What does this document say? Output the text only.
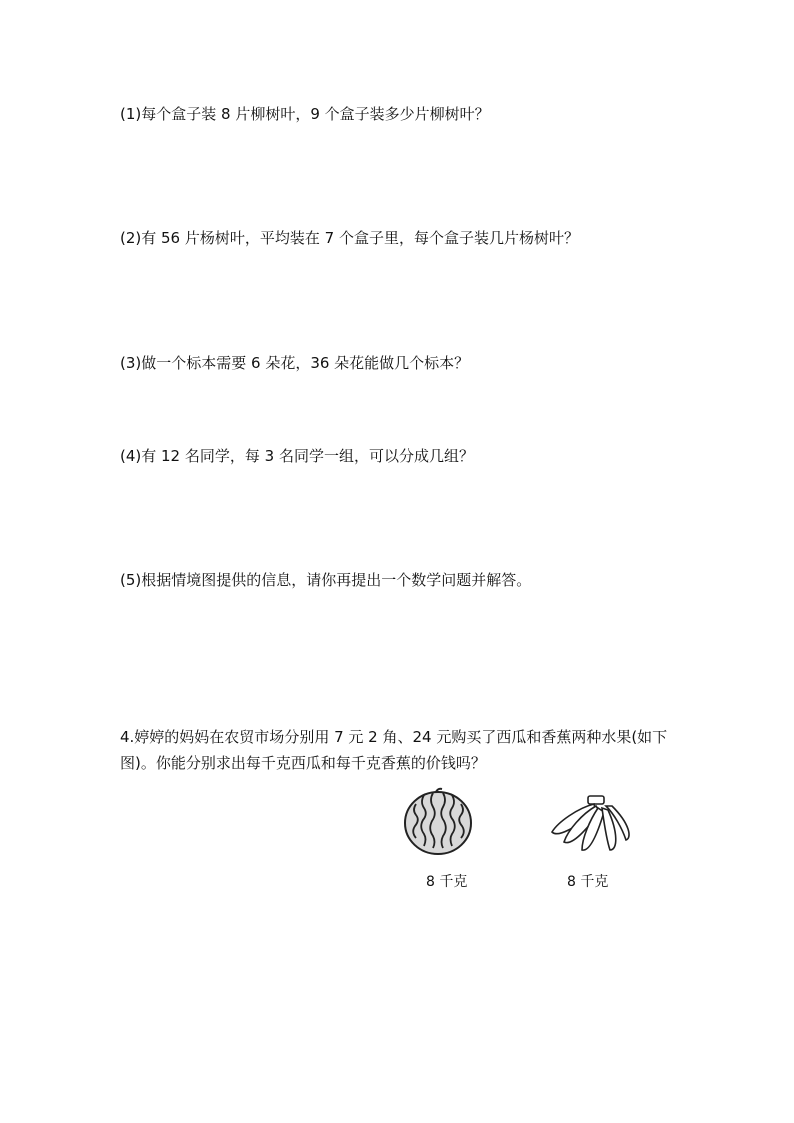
(1)每个盒子装 8 片柳树叶，9 个盒子装多少片柳树叶？
(2)有 56 片杨树叶，平均装在 7 个盒子里，每个盒子装几片杨树叶？
(3)做一个标本需要 6 朵花，36 朵花能做几个标本？
(4)有 12 名同学，每 3 名同学一组，可以分成几组？
(5)根据情境图提供的信息，请你再提出一个数学问题并解答。
4.婷婷的妈妈在农贸市场分别用 7 元 2 角、24 元购买了西瓜和香蕉两种水果(如下图)。你能分别求出每千克西瓜和每千克香蕉的价钱吗？
8 千克	8 千克
